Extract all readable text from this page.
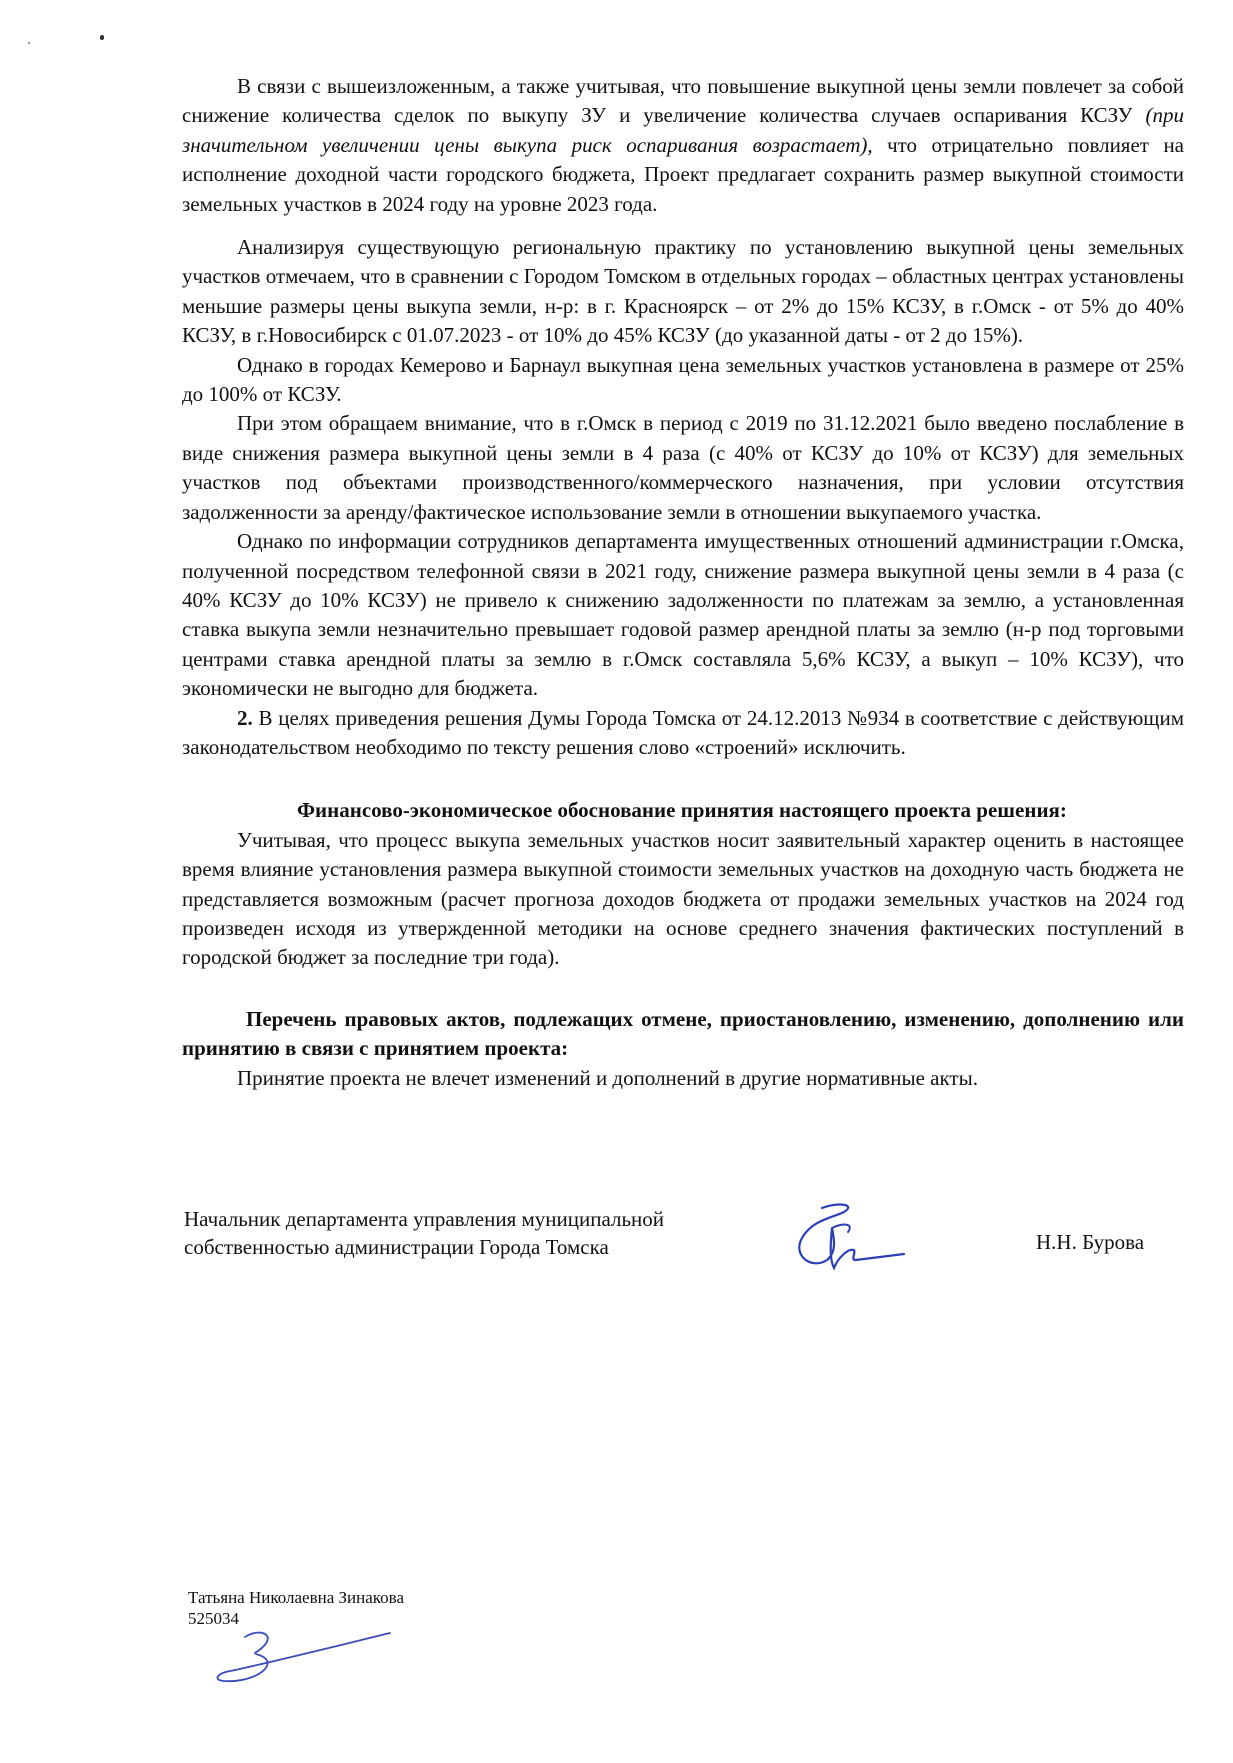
В связи с вышеизложенным, а также учитывая, что повышение выкупной цены земли повлечет за собой снижение количества сделок по выкупу ЗУ и увеличение количества случаев оспаривания КСЗУ (при значительном увеличении цены выкупа риск оспаривания возрастает), что отрицательно повлияет на исполнение доходной части городского бюджета, Проект предлагает сохранить размер выкупной стоимости земельных участков в 2024 году на уровне 2023 года.

Анализируя существующую региональную практику по установлению выкупной цены земельных участков отмечаем, что в сравнении с Городом Томском в отдельных городах – областных центрах установлены меньшие размеры цены выкупа земли, н-р: в г. Красноярск – от 2% до 15% КСЗУ, в г.Омск - от 5% до 40% КСЗУ, в г.Новосибирск с 01.07.2023 - от 10% до 45% КСЗУ (до указанной даты - от 2 до 15%).

Однако в городах Кемерово и Барнаул выкупная цена земельных участков установлена в размере от 25% до 100% от КСЗУ.

При этом обращаем внимание, что в г.Омск в период с 2019 по 31.12.2021 было введено послабление в виде снижения размера выкупной цены земли в 4 раза (с 40% от КСЗУ до 10% от КСЗУ) для земельных участков под объектами производственного/коммерческого назначения, при условии отсутствия задолженности за аренду/фактическое использование земли в отношении выкупаемого участка.

Однако по информации сотрудников департамента имущественных отношений администрации г.Омска, полученной посредством телефонной связи в 2021 году, снижение размера выкупной цены земли в 4 раза (с 40% КСЗУ до 10% КСЗУ) не привело к снижению задолженности по платежам за землю, а установленная ставка выкупа земли незначительно превышает годовой размер арендной платы за землю (н-р под торговыми центрами ставка арендной платы за землю в г.Омск составляла 5,6% КСЗУ, а выкуп – 10% КСЗУ), что экономически не выгодно для бюджета.

2. В целях приведения решения Думы Города Томска от 24.12.2013 №934 в соответствие с действующим законодательством необходимо по тексту решения слово «строений» исключить.

Финансово-экономическое обоснование принятия настоящего проекта решения:

Учитывая, что процесс выкупа земельных участков носит заявительный характер оценить в настоящее время влияние установления размера выкупной стоимости земельных участков на доходную часть бюджета не представляется возможным (расчет прогноза доходов бюджета от продажи земельных участков на 2024 год произведен исходя из утвержденной методики на основе среднего значения фактических поступлений в городской бюджет за последние три года).

Перечень правовых актов, подлежащих отмене, приостановлению, изменению, дополнению или принятию в связи с принятием проекта:

Принятие проекта не влечет изменений и дополнений в другие нормативные акты.

Начальник департамента управления муниципальной
собственностью администрации Города Томска	Н.Н. Бурова
Татьяна Николаевна Зинакова
525034
